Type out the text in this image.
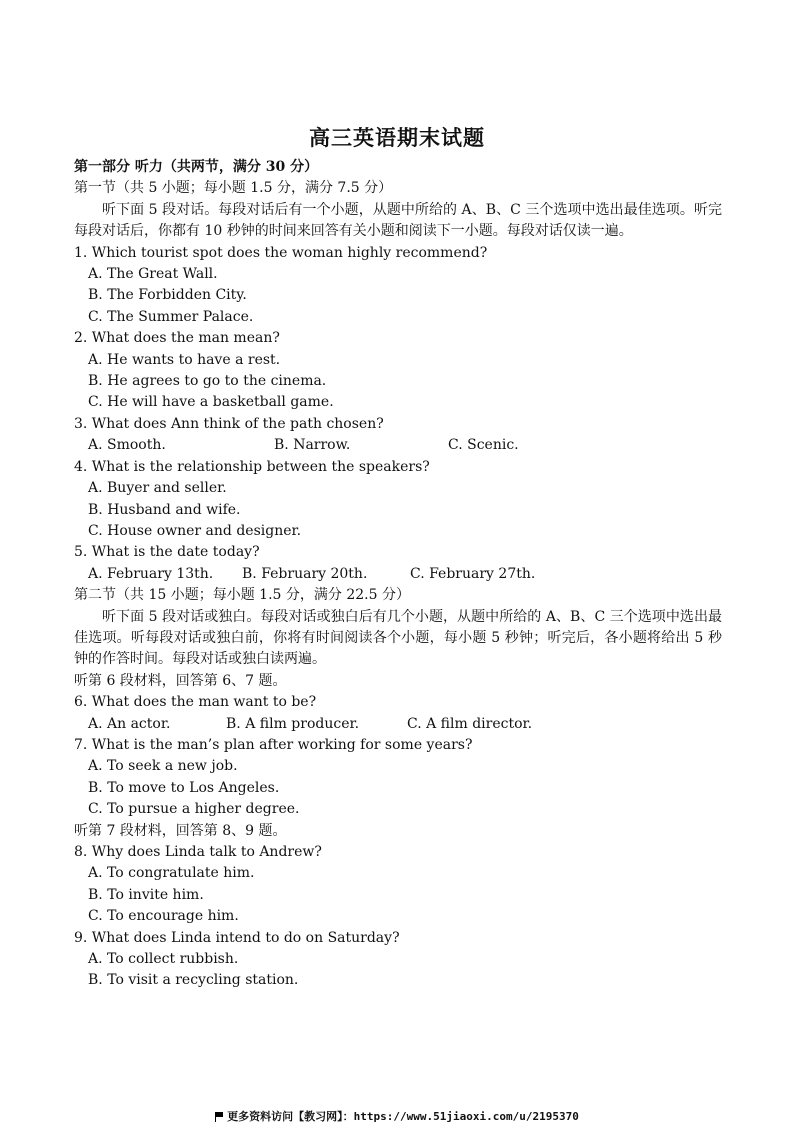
高三英语期末试题
第一部分 听力（共两节，满分 30 分）
第一节（共 5 小题；每小题 1.5 分，满分 7.5 分）
听下面 5 段对话。每段对话后有一个小题，从题中所给的 A、B、C 三个选项中选出最佳选项。听完每段对话后，你都有 10 秒钟的时间来回答有关小题和阅读下一小题。每段对话仅读一遍。
1. Which tourist spot does the woman highly recommend?
A. The Great Wall.
B. The Forbidden City.
C. The Summer Palace.
2. What does the man mean?
A. He wants to have a rest.
B. He agrees to go to the cinema.
C. He will have a basketball game.
3. What does Ann think of the path chosen?
A. Smooth.	B. Narrow.	C. Scenic.
4. What is the relationship between the speakers?
A. Buyer and seller.
B. Husband and wife.
C. House owner and designer.
5. What is the date today?
A. February 13th.	B. February 20th.	C. February 27th.
第二节（共 15 小题；每小题 1.5 分，满分 22.5 分）
听下面 5 段对话或独白。每段对话或独白后有几个小题，从题中所给的 A、B、C 三个选项中选出最佳选项。听每段对话或独白前，你将有时间阅读各个小题，每小题 5 秒钟；听完后，各小题将给出 5 秒钟的作答时间。每段对话或独白读两遍。
听第 6 段材料，回答第 6、7 题。
6. What does the man want to be?
A. An actor.	B. A film producer.	C. A film director.
7. What is the man’s plan after working for some years?
A. To seek a new job.
B. To move to Los Angeles.
C. To pursue a higher degree.
听第 7 段材料，回答第 8、9 题。
8. Why does Linda talk to Andrew?
A. To congratulate him.
B. To invite him.
C. To encourage him.
9. What does Linda intend to do on Saturday?
A. To collect rubbish.
B. To visit a recycling station.
更多资料访问【教习网】：https://www.51jiaoxi.com/u/2195370
